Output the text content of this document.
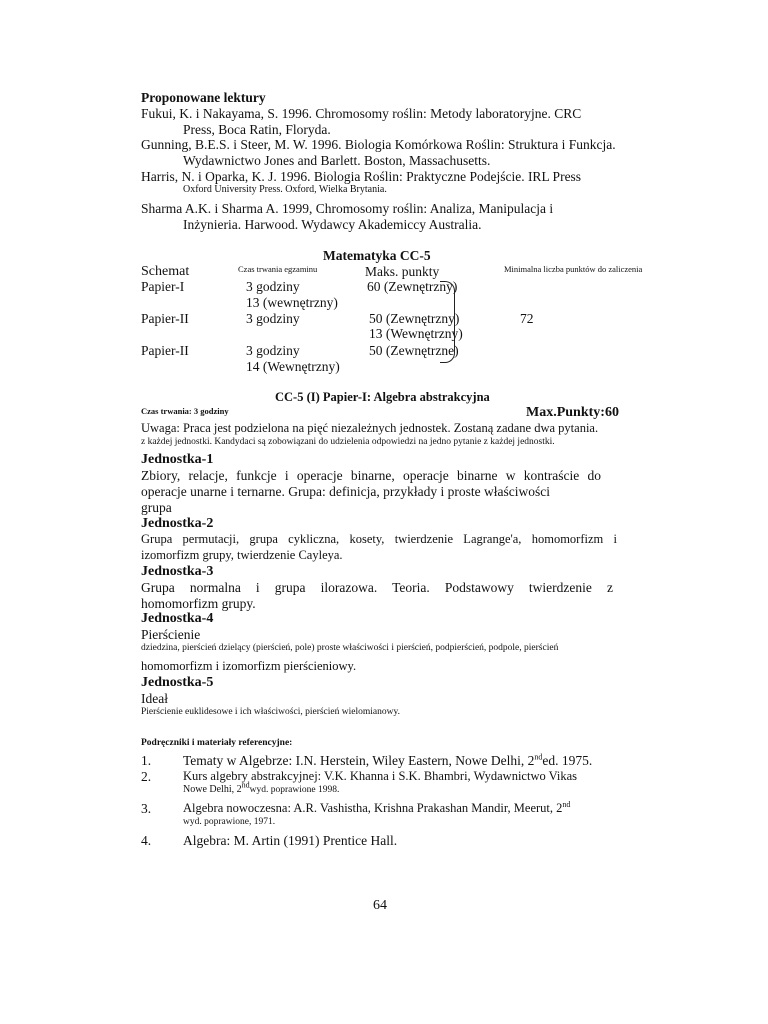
Proponowane lektury
Fukui, K. i Nakayama, S. 1996. Chromosomy roślin: Metody laboratoryjne. CRC
Press, Boca Ratin, Floryda.
Gunning, B.E.S. i Steer, M. W. 1996. Biologia Komórkowa Roślin: Struktura i Funkcja.
Wydawnictwo Jones and Barlett. Boston, Massachusetts.
Harris, N. i Oparka, K. J. 1996. Biologia Roślin: Praktyczne Podejście. IRL Press
Oxford University Press. Oxford, Wielka Brytania.
Sharma A.K. i Sharma A. 1999, Chromosomy roślin: Analiza, Manipulacja i
Inżynieria. Harwood. Wydawcy Akademiccy Australia.
Matematyka CC-5
Schemat	Czas trwania egzaminu	Maks. punkty	Minimalna liczba punktów do zaliczenia
Papier-I	3 godziny	60 (Zewnętrzny)
13 (wewnętrzny)
Papier-II	3 godziny	50 (Zewnętrzny)	72
13 (Wewnętrzny)
Papier-II	3 godziny	50 (Zewnętrzne)
14 (Wewnętrzny)
CC-5 (I) Papier-I: Algebra abstrakcyjna
Czas trwania: 3 godziny	Max.Punkty:60
Uwaga: Praca jest podzielona na pięć niezależnych jednostek. Zostaną zadane dwa pytania.
z każdej jednostki. Kandydaci są zobowiązani do udzielenia odpowiedzi na jedno pytanie z każdej jednostki.
Jednostka-1
Zbiory, relacje, funkcje i operacje binarne, operacje binarne w kontraście do
operacje unarne i ternarne. Grupa: definicja, przykłady i proste właściwości
grupa
Jednostka-2
Grupa permutacji, grupa cykliczna, kosety, twierdzenie Lagrange'a, homomorfizm i
izomorfizm grupy, twierdzenie Cayleya.
Jednostka-3
Grupa normalna i grupa ilorazowa. Teoria. Podstawowy twierdzenie z
homomorfizm grupy.
Jednostka-4
Pierścienie
dziedzina, pierścień dzielący (pierścień, pole) proste właściwości i pierścień, podpierścień, podpole, pierścień
homomorfizm i izomorfizm pierścieniowy.
Jednostka-5
Ideał
Pierścienie euklidesowe i ich właściwości, pierścień wielomianowy.
Podręczniki i materiały referencyjne:
1. Tematy w Algebrze: I.N. Herstein, Wiley Eastern, Nowe Delhi, 2nded. 1975.
2.	Kurs algebry abstrakcyjnej: V.K. Khanna i S.K. Bhambri, Wydawnictwo Vikas
Nowe Delhi, 2ndwyd. poprawione 1998.
3.	Algebra nowoczesna: A.R. Vashistha, Krishna Prakashan Mandir, Meerut, 2nd
wyd. poprawione, 1971.
4. Algebra: M. Artin (1991) Prentice Hall.
64
